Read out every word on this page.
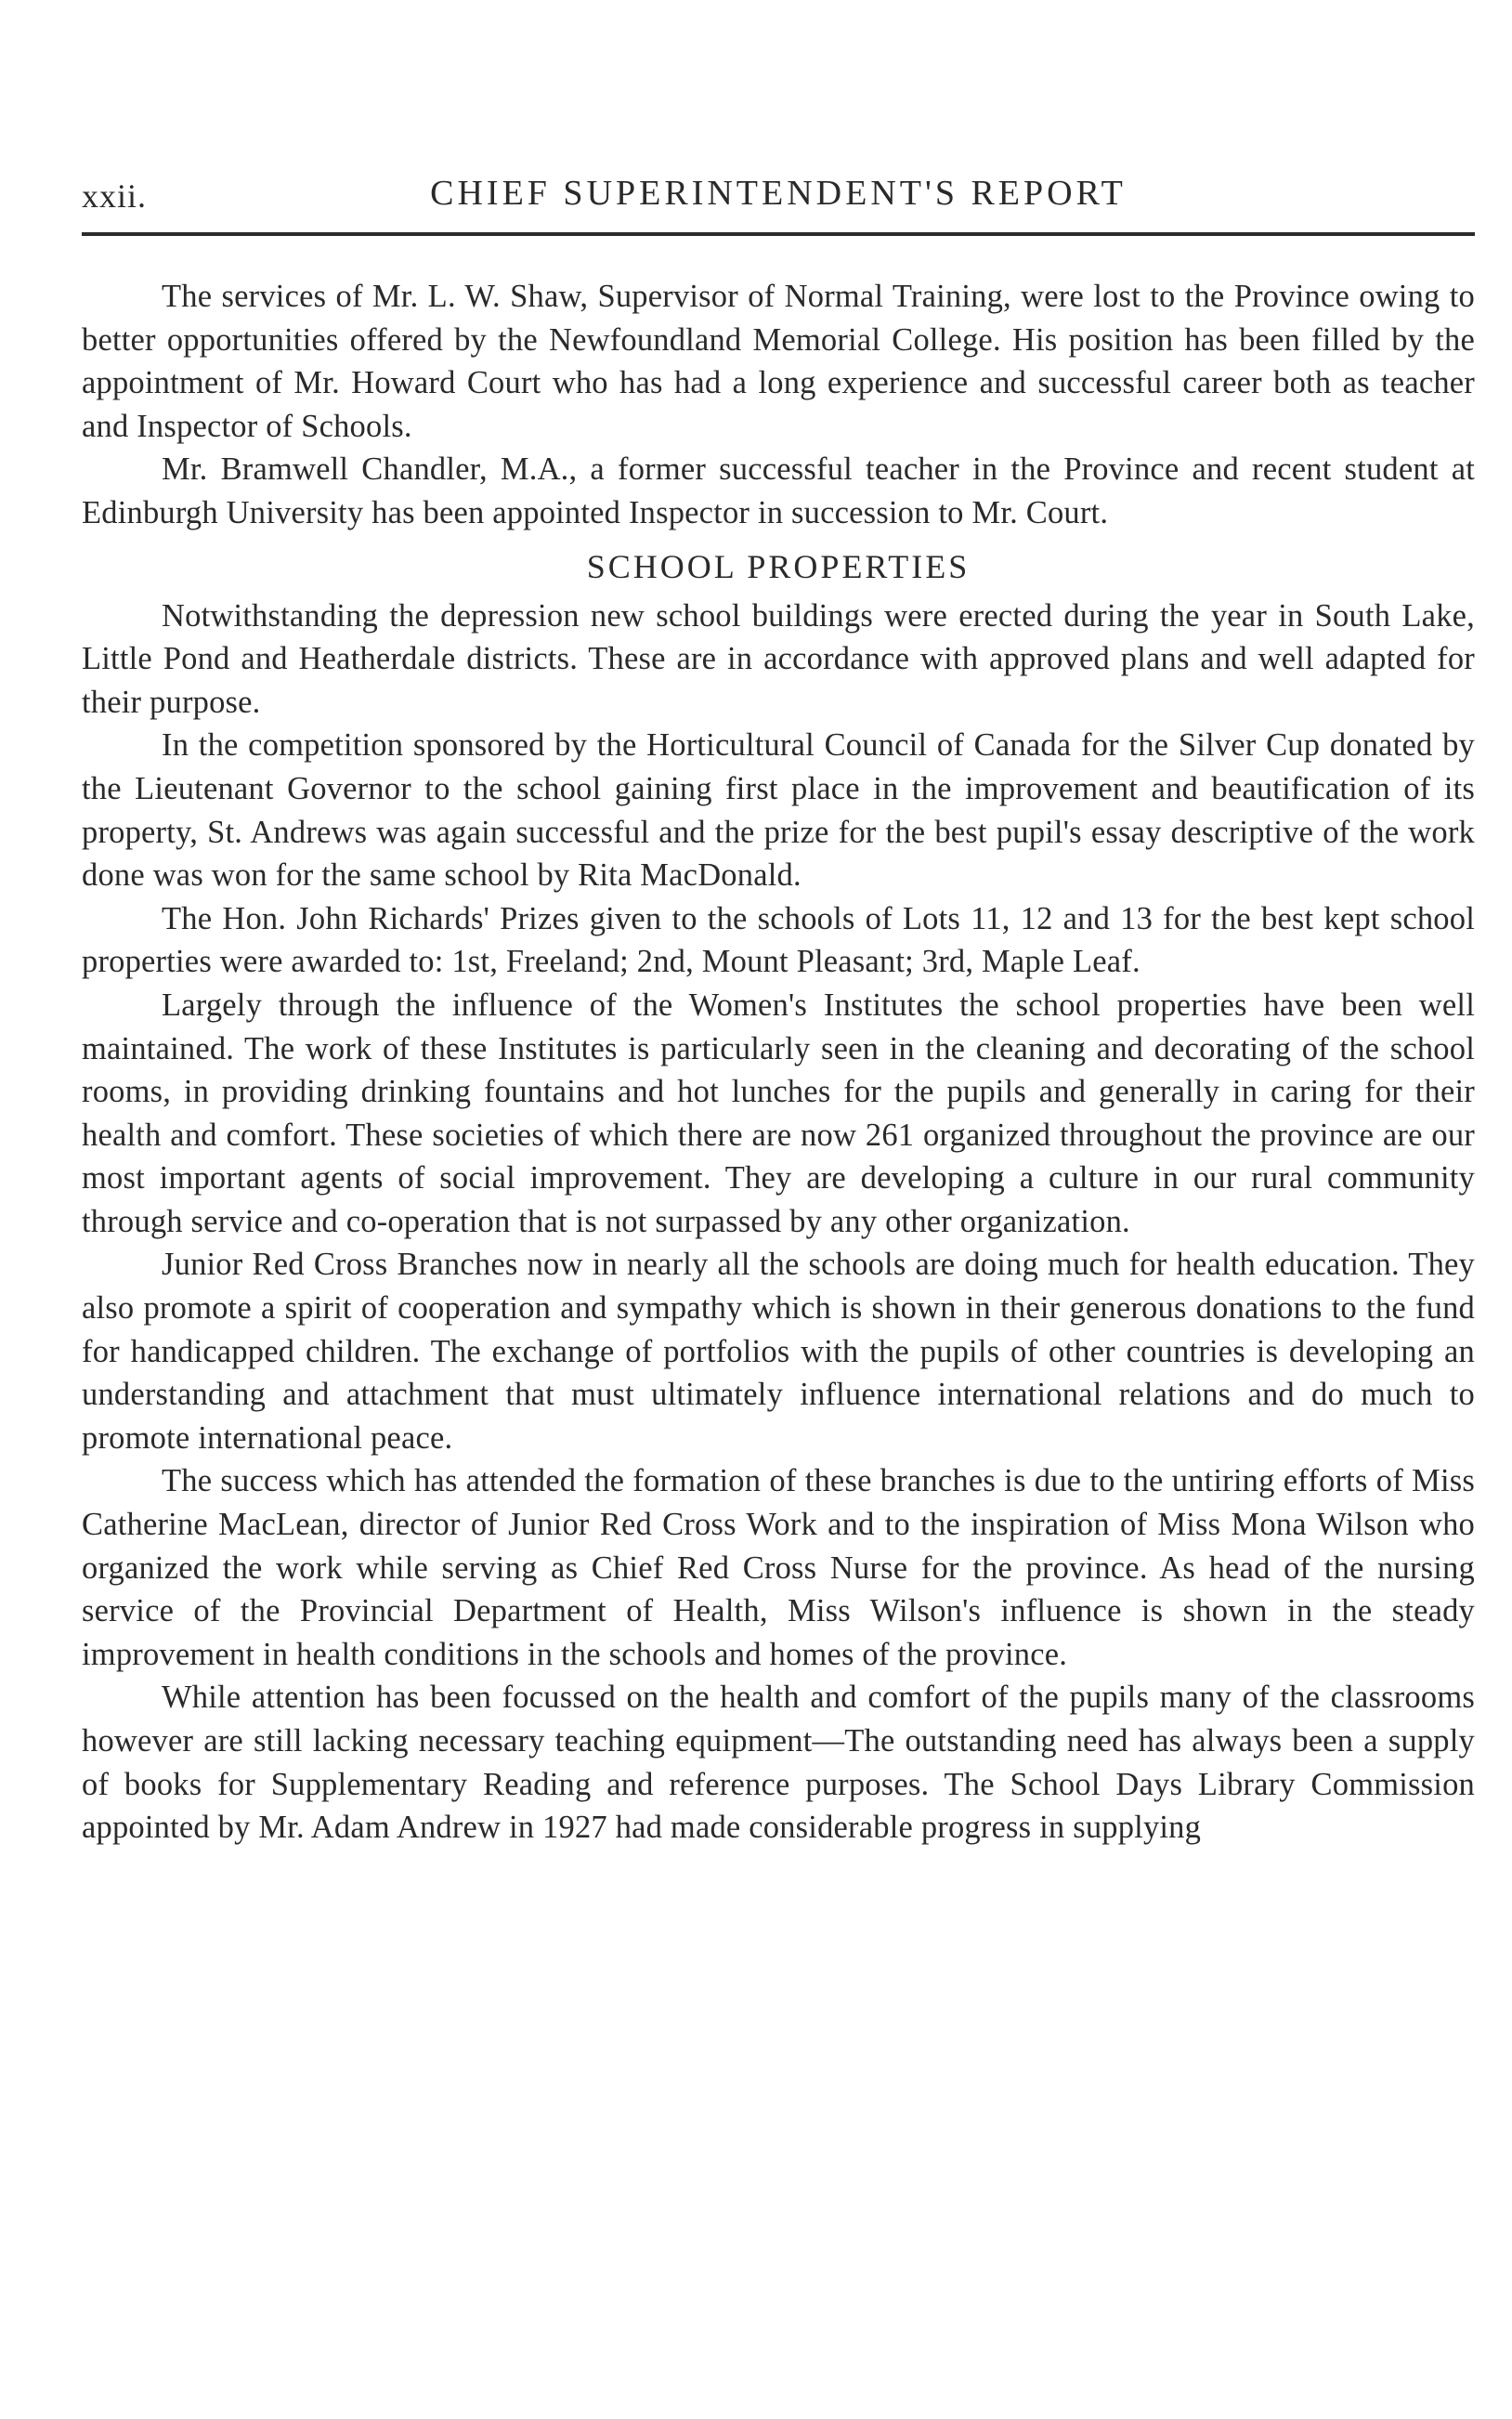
xxii.	CHIEF SUPERINTENDENT'S REPORT

The services of Mr. L. W. Shaw, Supervisor of Normal Training, were lost to the Province owing to better opportunities offered by the Newfoundland Memorial College. His position has been filled by the appointment of Mr. Howard Court who has had a long experience and successful career both as teacher and Inspector of Schools.

Mr. Bramwell Chandler, M.A., a former successful teacher in the Province and recent student at Edinburgh University has been appointed Inspector in succession to Mr. Court.

SCHOOL PROPERTIES

Notwithstanding the depression new school buildings were erected during the year in South Lake, Little Pond and Heatherdale districts. These are in accordance with approved plans and well adapted for their purpose.

In the competition sponsored by the Horticultural Council of Canada for the Silver Cup donated by the Lieutenant Governor to the school gaining first place in the improvement and beautification of its property, St. Andrews was again successful and the prize for the best pupil's essay descriptive of the work done was won for the same school by Rita MacDonald.

The Hon. John Richards' Prizes given to the schools of Lots 11, 12 and 13 for the best kept school properties were awarded to: 1st, Freeland; 2nd, Mount Pleasant; 3rd, Maple Leaf.

Largely through the influence of the Women's Institutes the school properties have been well maintained. The work of these Institutes is particularly seen in the cleaning and decorating of the school rooms, in providing drinking fountains and hot lunches for the pupils and generally in caring for their health and comfort. These societies of which there are now 261 organized throughout the province are our most important agents of social improvement. They are developing a culture in our rural community through service and co-operation that is not surpassed by any other organization.

Junior Red Cross Branches now in nearly all the schools are doing much for health education. They also promote a spirit of cooperation and sympathy which is shown in their generous donations to the fund for handicapped children. The exchange of portfolios with the pupils of other countries is developing an understanding and attachment that must ultimately influence international relations and do much to promote international peace.

The success which has attended the formation of these branches is due to the untiring efforts of Miss Catherine MacLean, director of Junior Red Cross Work and to the inspiration of Miss Mona Wilson who organized the work while serving as Chief Red Cross Nurse for the province. As head of the nursing service of the Provincial Department of Health, Miss Wilson's influence is shown in the steady improvement in health conditions in the schools and homes of the province.

While attention has been focussed on the health and comfort of the pupils many of the classrooms however are still lacking necessary teaching equipment—The outstanding need has always been a supply of books for Supplementary Reading and reference purposes. The School Days Library Commission appointed by Mr. Adam Andrew in 1927 had made considerable progress in supplying
